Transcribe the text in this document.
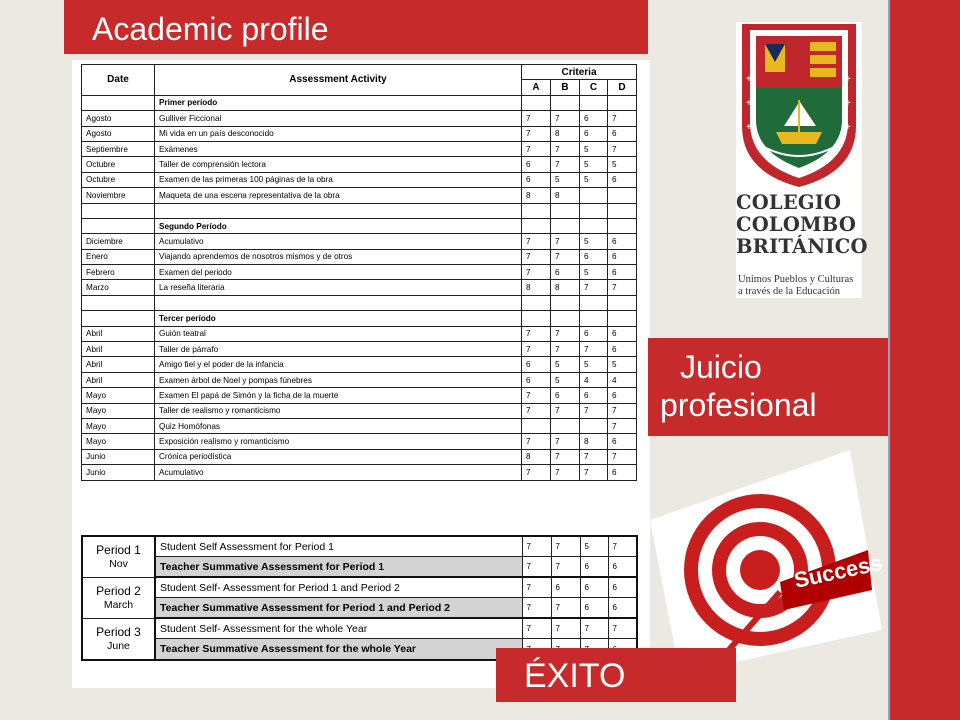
Academic profile
Date	Assessment Activity	Criteria			
		A	B	C	D
	Primer período				
Agosto	Gulliver Ficcional	7	7	6	7
Agosto	Mi vida en un país desconocido	7	8	6	6
Septiembre	Exámenes	7	7	5	7
Octubre	Taller de comprensión lectora	6	7	5	5
Octubre	Examen de las primeras 100 páginas de la obra	6	5	5	6
Noviembre	Maqueta de una escena representativa de la obra	8	8		

	Segundo Período				
Diciembre	Acumulativo	7	7	5	6
Enero	Viajando aprendemos de nosotros mismos y de otros	7	7	6	6
Febrero	Examen del periodo	7	6	5	6
Marzo	La reseña literaria	8	8	7	7

	Tercer período				
Abril	Guión teatral	7	7	6	6
Abril	Taller de párrafo	7	7	7	6
Abril	Amigo fiel y el poder de la infancia	6	5	5	5
Abril	Examen árbol de Noel y pompas fúnebres	6	5	4	4
Mayo	Examen El papá de Simón y la ficha de la muerte	7	6	6	6
Mayo	Taller de realismo y romanticismo	7	7	7	7
Mayo	Quiz Homófonas				7
Mayo	Exposición realismo y romanticismo	7	7	8	6
Junio	Crónica periodística	8	7	7	7
Junio	Acumulativo	7	7	7	6
Period 1
Nov	Student Self Assessment for Period 1	7	7	5	7
	Teacher Summative Assessment for Period 1	7	7	6	6
Period 2
March	Student Self- Assessment for Period 1 and Period 2	7	6	6	6
	Teacher Summative Assessment for Period 1 and Period 2	7	7	6	6
Period 3
June	Student Self- Assessment for the whole Year	7	7	7	7
	Teacher Summative Assessment for the whole Year				
+
+
+
+
+
+
COLEGIO
COLOMBO
BRITÁNICO
Unimos Pueblos y Culturas
a través de la Educación
Juicio
profesional
Success
ÉXITO
